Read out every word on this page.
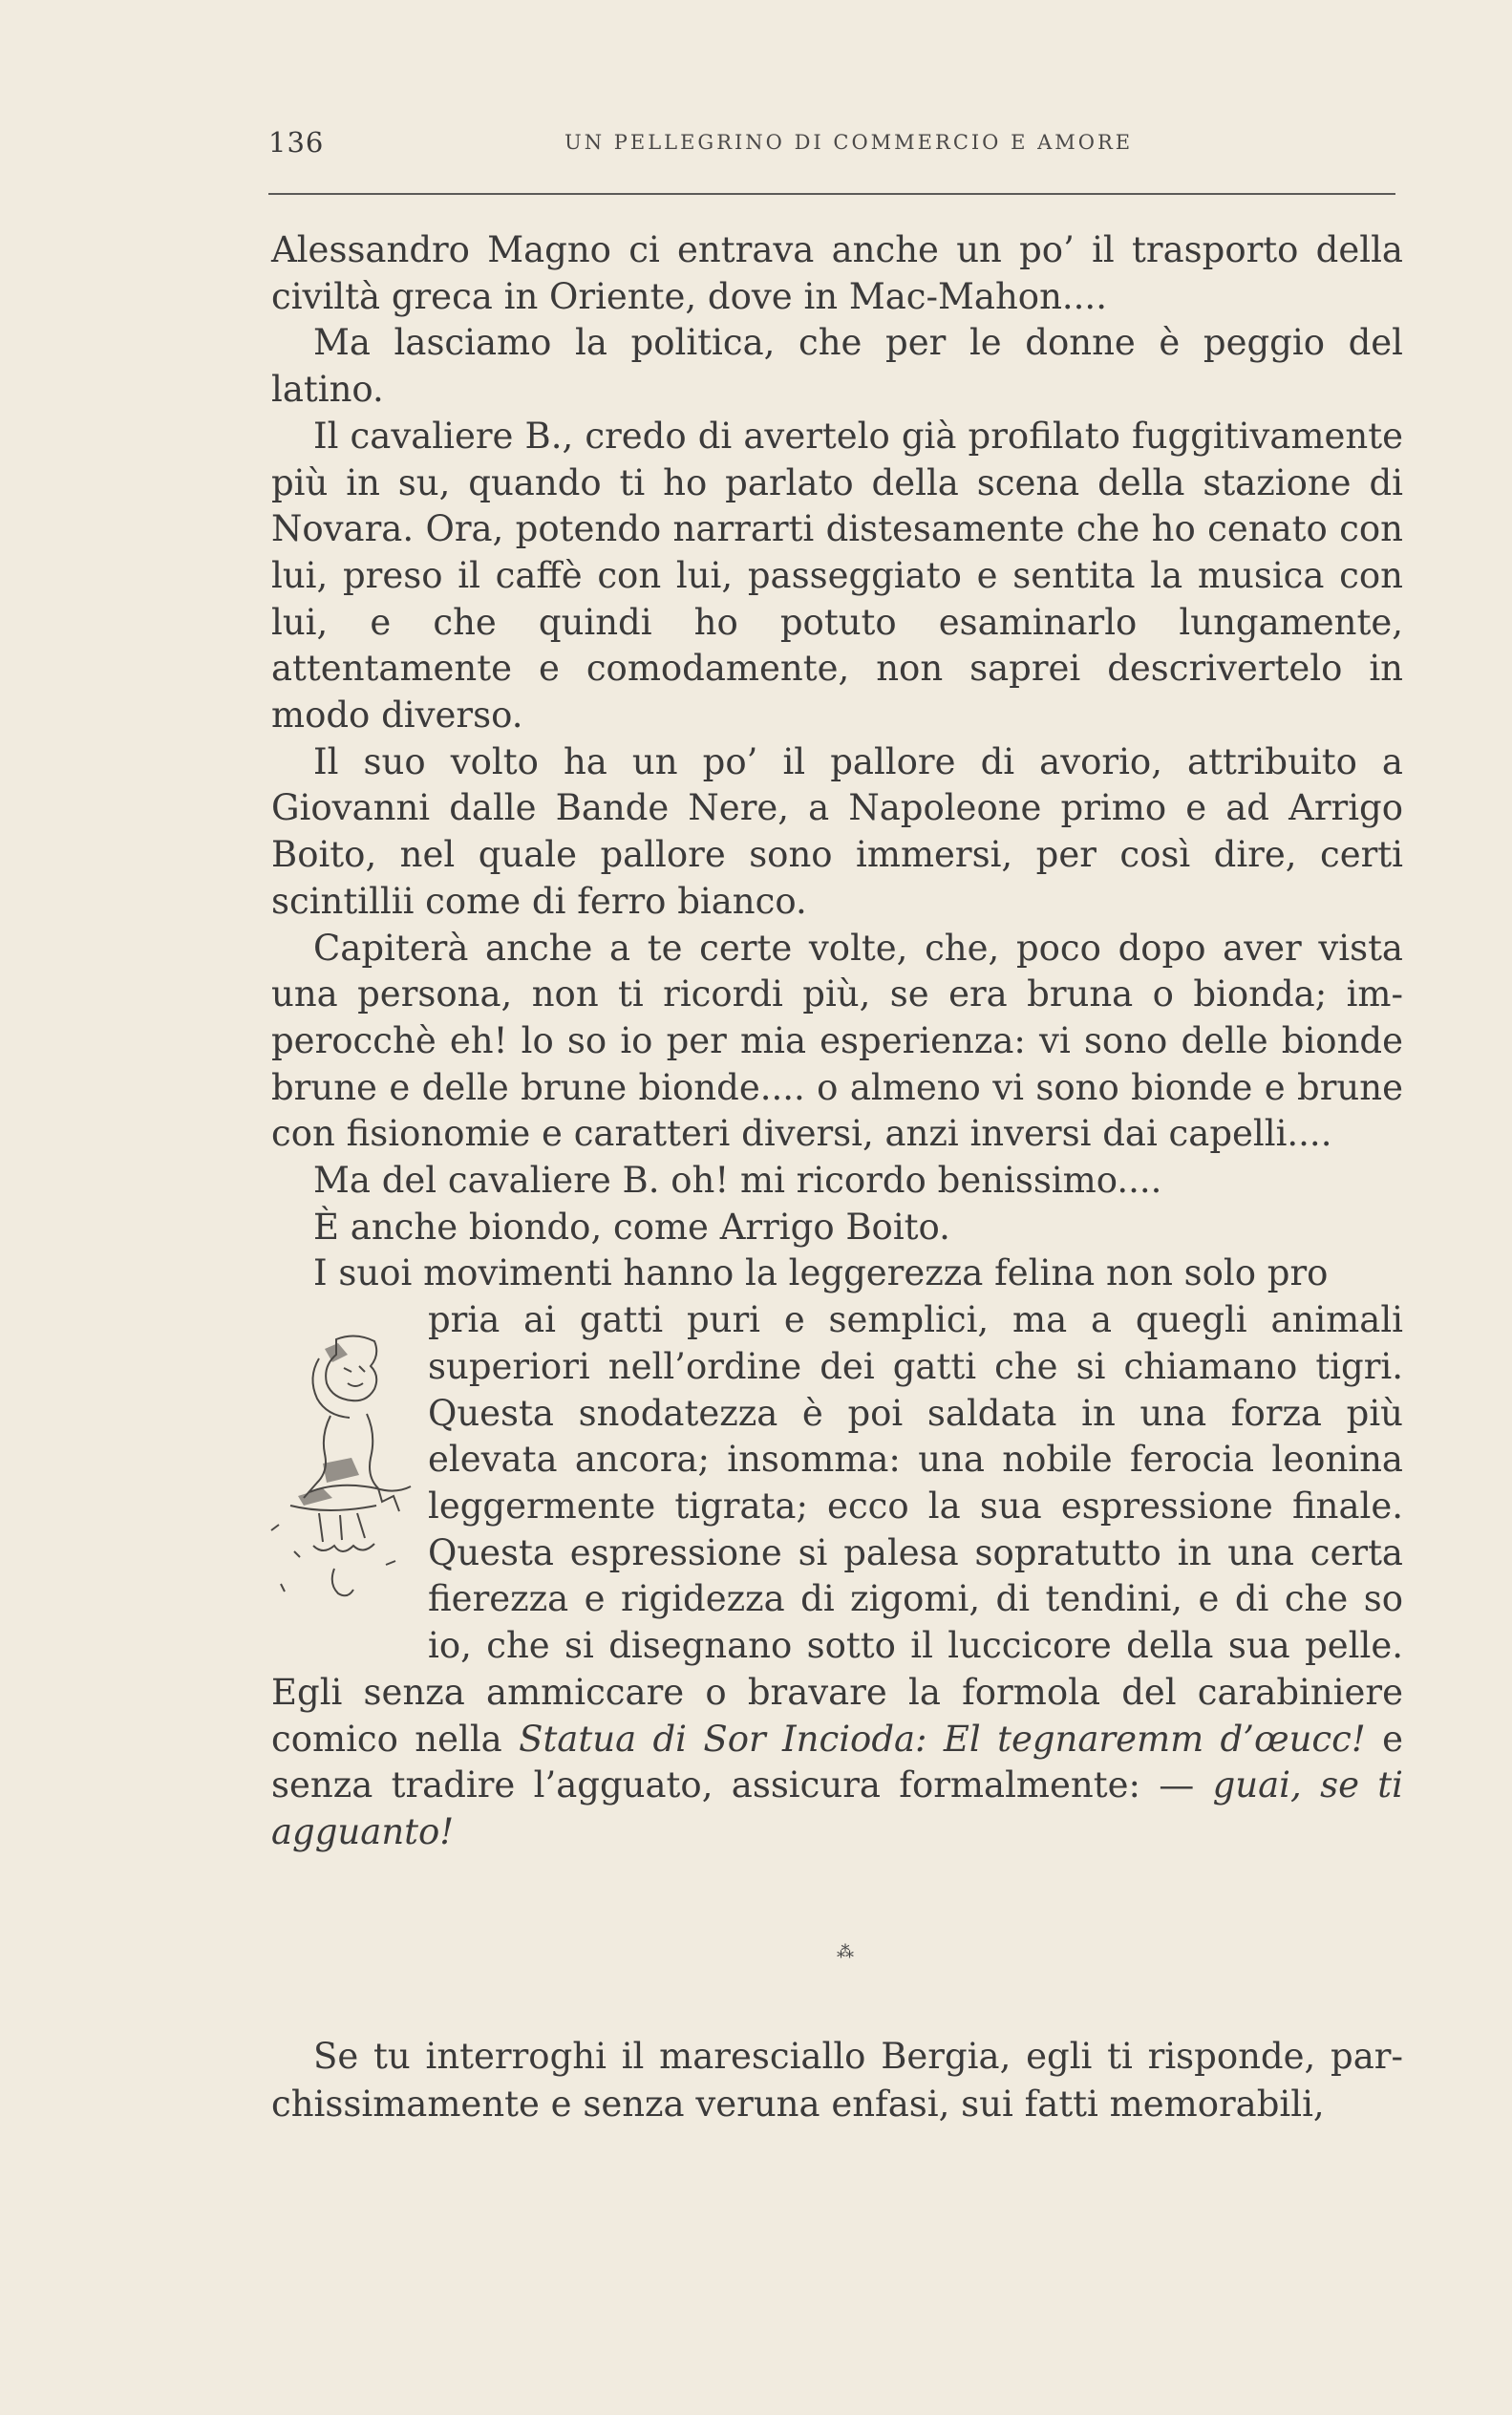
136	UN PELLEGRINO DI COMMERCIO E AMORE

Alessandro Magno ci entrava anche un po’ il trasporto della civiltà greca in Oriente, dove in Mac-Mahon....

Ma lasciamo la politica, che per le donne è peggio del latino.

Il cavaliere B., credo di avertelo già profilato fuggitivamente più in su, quando ti ho parlato della scena della stazione di Novara. Ora, potendo narrarti distesamente che ho cenato con lui, preso il caffè con lui, passeggiato e sentita la musica con lui, e che quindi ho potuto esaminarlo lungamente, attentamente e comodamente, non saprei descrivertelo in modo diverso.

Il suo volto ha un po’ il pallore di avorio, attribuito a Giovanni dalle Bande Nere, a Napoleone primo e ad Arrigo Boito, nel quale pallore sono immersi, per così dire, certi scintillii come di ferro bianco.

Capiterà anche a te certe volte, che, poco dopo aver vista una persona, non ti ricordi più, se era bruna o bionda; imperocchè eh! lo so io per mia esperienza: vi sono delle bionde brune e delle brune bionde.... o almeno vi sono bionde e brune con fisionomie e caratteri diversi, anzi inversi dai capelli....

Ma del cavaliere B. oh! mi ricordo benissimo....

È anche biondo, come Arrigo Boito.

I suoi movimenti hanno la leggerezza felina non solo pro

pria ai gatti puri e semplici, ma a quegli animali superiori nell’ordine dei gatti che si chiamano tigri. Questa snodatezza è poi saldata in una forza più elevata ancora; insomma: una nobile ferocia leonina leggermente tigrata; ecco la sua espressione finale. Questa espressione si palesa sopratutto in una certa fierezza e rigidezza di zigomi, di tendini, e di che so io, che si disegnano sotto il luccicore della sua pelle. Egli senza ammiccare o bravare la formola del carabiniere comico nella Statua di Sor Incioda: El tegnaremm d’œucc! e senza tradire l’agguato, assicura formalmente: — guai, se ti agguanto!

⁂

Se tu interroghi il maresciallo Bergia, egli ti risponde, parchissimamente e senza veruna enfasi, sui fatti memorabili,
